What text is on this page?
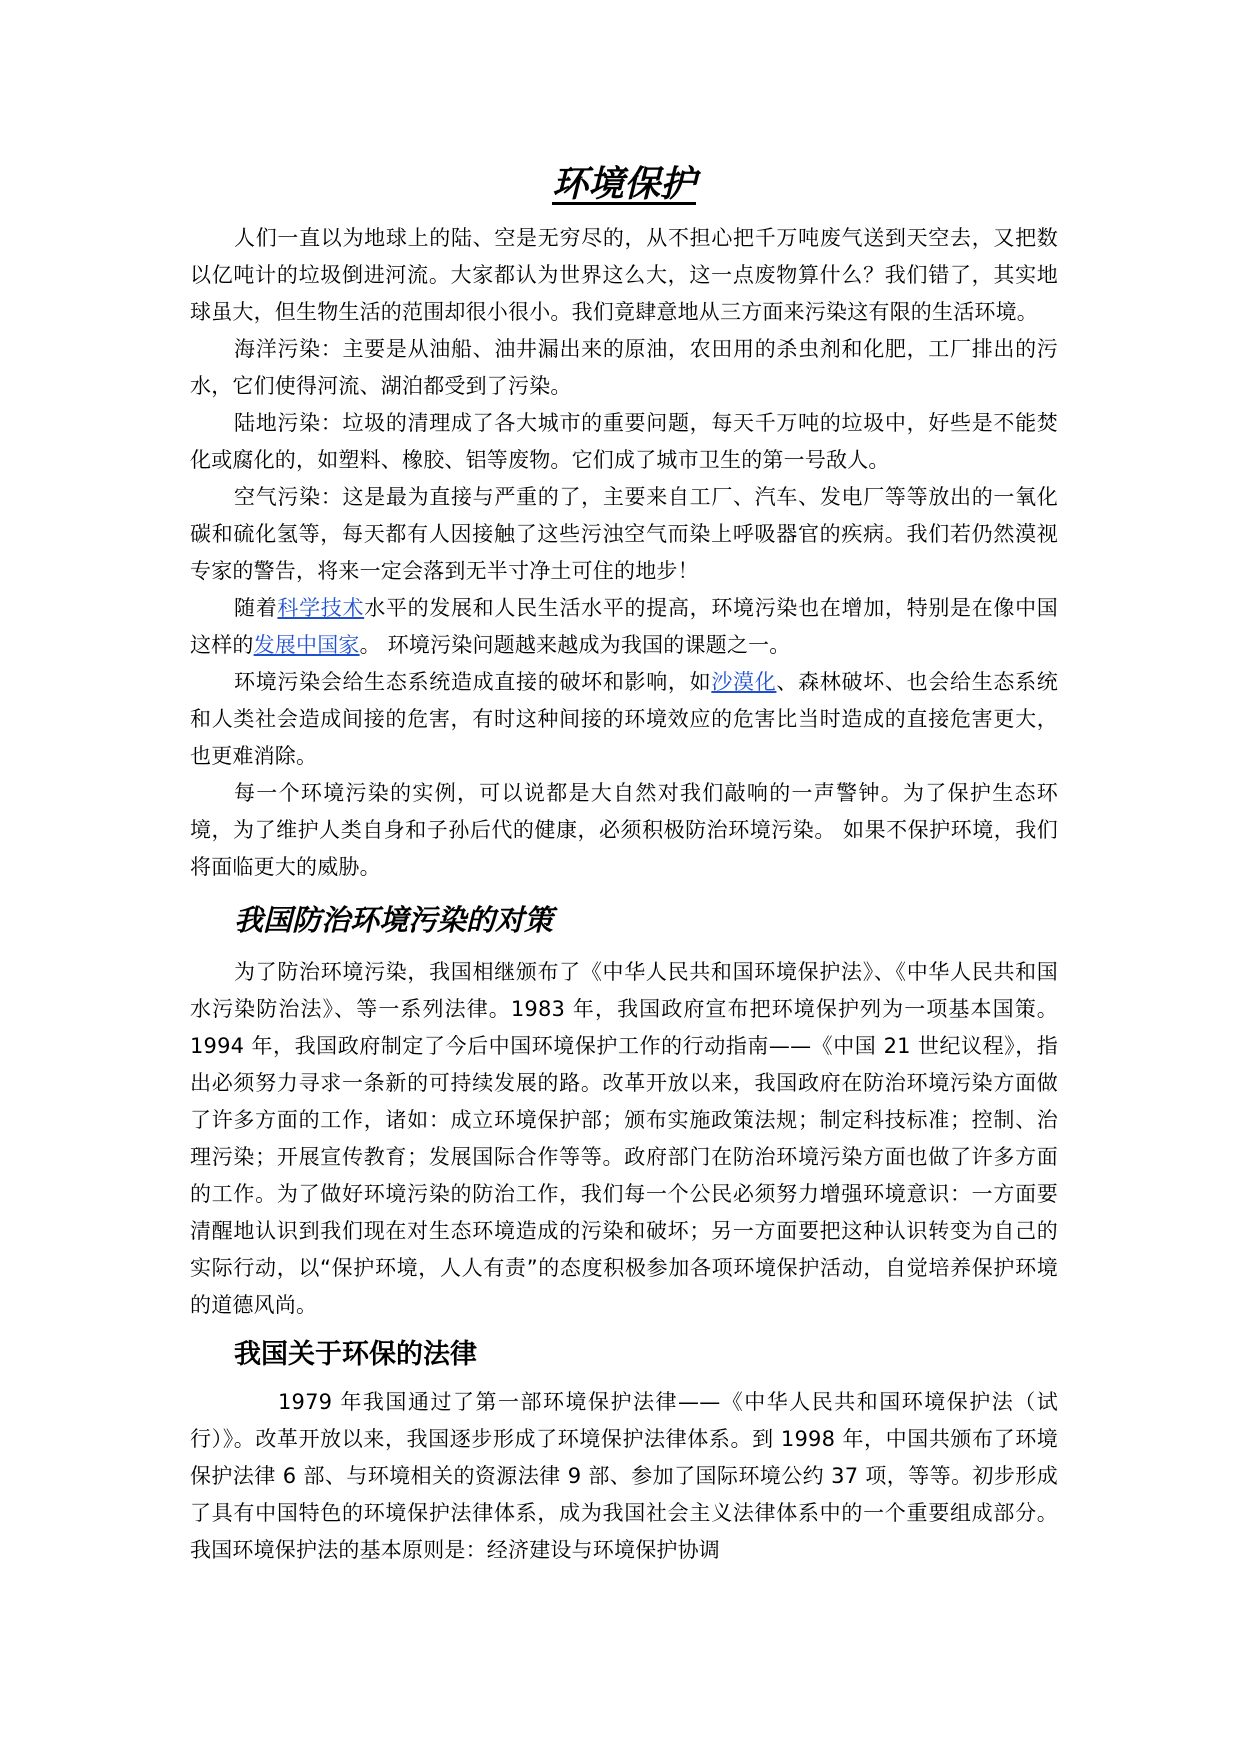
环境保护

人们一直以为地球上的陆、空是无穷尽的，从不担心把千万吨废气送到天空去，又把数以亿吨计的垃圾倒进河流。大家都认为世界这么大，这一点废物算什么？我们错了，其实地球虽大，但生物生活的范围却很小很小。我们竟肆意地从三方面来污染这有限的生活环境。

海洋污染：主要是从油船、油井漏出来的原油，农田用的杀虫剂和化肥，工厂排出的污水，它们使得河流、湖泊都受到了污染。

陆地污染：垃圾的清理成了各大城市的重要问题，每天千万吨的垃圾中，好些是不能焚化或腐化的，如塑料、橡胶、铝等废物。它们成了城市卫生的第一号敌人。

空气污染：这是最为直接与严重的了，主要来自工厂、汽车、发电厂等等放出的一氧化碳和硫化氢等，每天都有人因接触了这些污浊空气而染上呼吸器官的疾病。我们若仍然漠视专家的警告，将来一定会落到无半寸净土可住的地步！

随着科学技术水平的发展和人民生活水平的提高，环境污染也在增加，特别是在像中国这样的发展中国家。 环境污染问题越来越成为我国的课题之一。

环境污染会给生态系统造成直接的破坏和影响，如沙漠化、森林破坏、也会给生态系统和人类社会造成间接的危害，有时这种间接的环境效应的危害比当时造成的直接危害更大，也更难消除。

每一个环境污染的实例，可以说都是大自然对我们敲响的一声警钟。为了保护生态环境，为了维护人类自身和子孙后代的健康，必须积极防治环境污染。 如果不保护环境，我们将面临更大的威胁。

我国防治环境污染的对策

为了防治环境污染，我国相继颁布了《中华人民共和国环境保护法》、《中华人民共和国水污染防治法》、等一系列法律。1983 年，我国政府宣布把环境保护列为一项基本国策。 1994 年，我国政府制定了今后中国环境保护工作的行动指南——《中国 21 世纪议程》，指出必须努力寻求一条新的可持续发展的路。改革开放以来，我国政府在防治环境污染方面做了许多方面的工作，诸如：成立环境保护部；颁布实施政策法规；制定科技标准；控制、治理污染；开展宣传教育；发展国际合作等等。政府部门在防治环境污染方面也做了许多方面的工作。为了做好环境污染的防治工作，我们每一个公民必须努力增强环境意识：一方面要清醒地认识到我们现在对生态环境造成的污染和破坏；另一方面要把这种认识转变为自己的实际行动，以“保护环境，人人有责”的态度积极参加各项环境保护活动，自觉培养保护环境的道德风尚。

我国关于环保的法律

1979 年我国通过了第一部环境保护法律——《中华人民共和国环境保护法（试行）》。改革开放以来，我国逐步形成了环境保护法律体系。到 1998 年，中国共颁布了环境保护法律 6 部、与环境相关的资源法律 9 部、参加了国际环境公约 37 项，等等。初步形成了具有中国特色的环境保护法律体系，成为我国社会主义法律体系中的一个重要组成部分。我国环境保护法的基本原则是：经济建设与环境保护协调
